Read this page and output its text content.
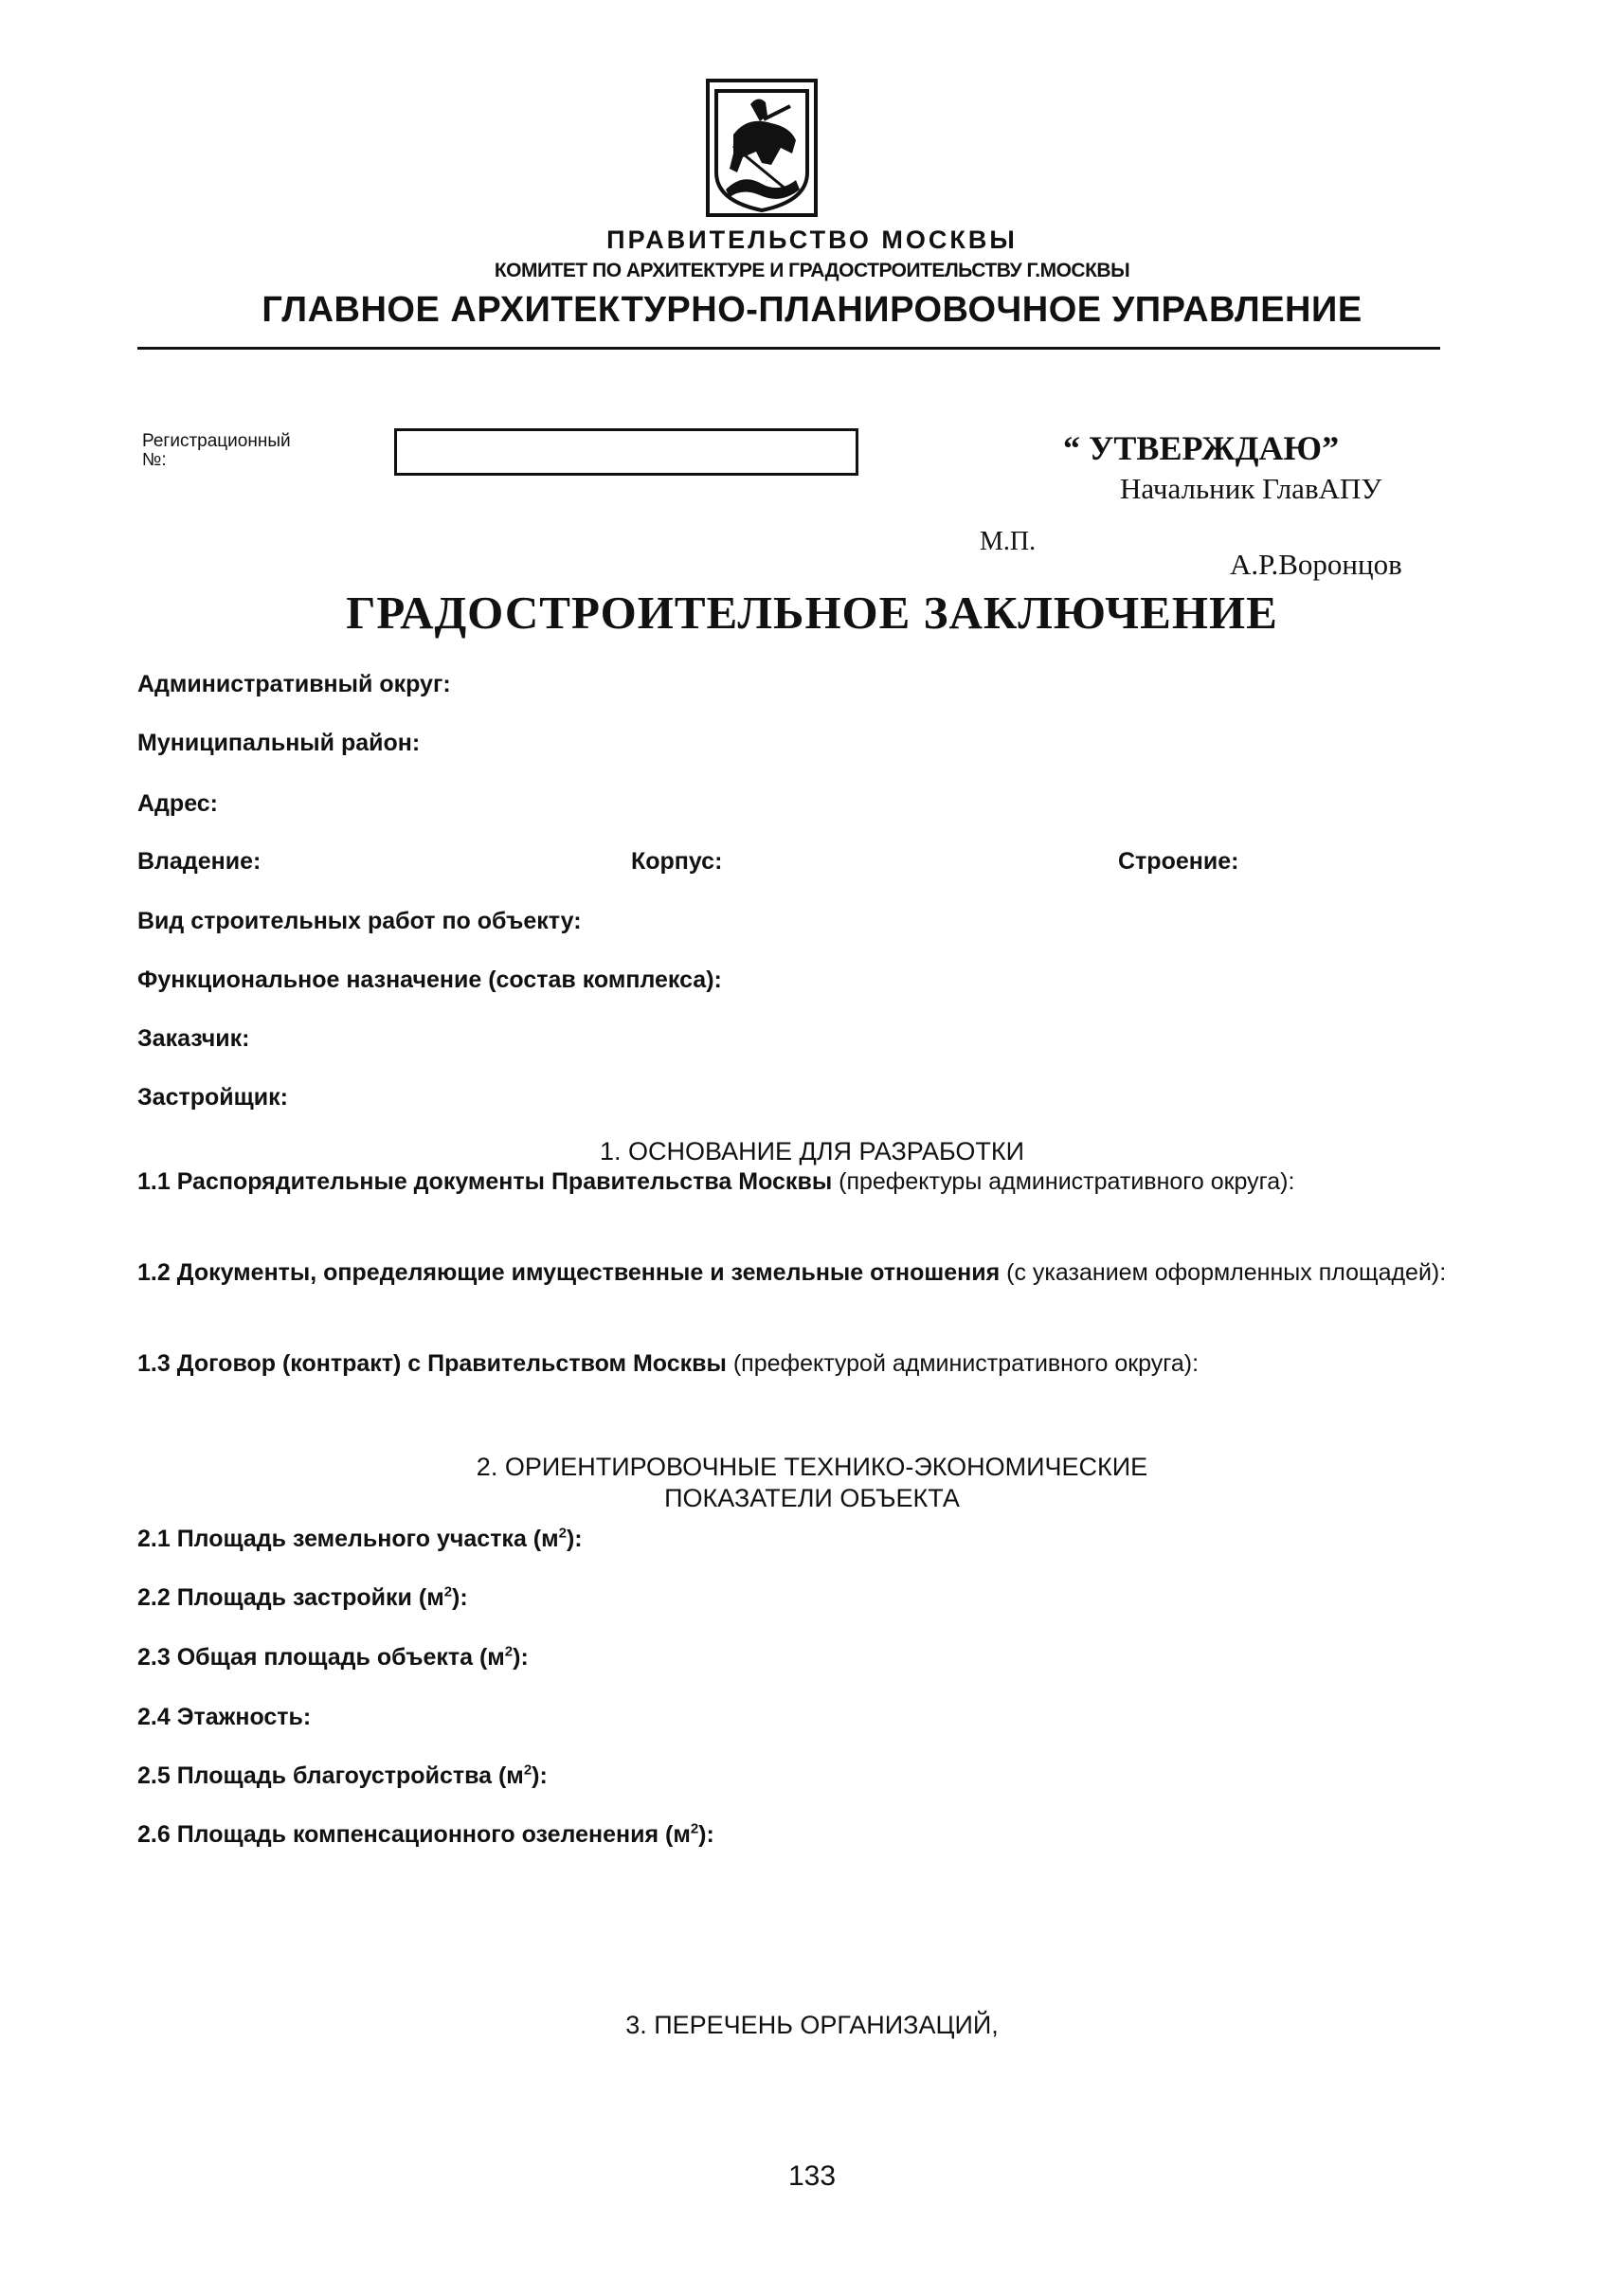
ПРАВИТЕЛЬСТВО МОСКВЫ
КОМИТЕТ ПО АРХИТЕКТУРЕ И ГРАДОСТРОИТЕЛЬСТВУ Г.МОСКВЫ
ГЛАВНОЕ АРХИТЕКТУРНО-ПЛАНИРОВОЧНОЕ УПРАВЛЕНИЕ
Регистрационный
№:	“ УТВЕРЖДАЮ”
Начальник ГлавАПУ
М.П.
А.Р.Воронцов
ГРАДОСТРОИТЕЛЬНОЕ ЗАКЛЮЧЕНИЕ
Административный округ:
Муниципальный район:
Адрес:
Владение:	Корпус:	Строение:
Вид строительных работ по объекту:
Функциональное назначение (состав комплекса):
Заказчик:
Застройщик:
1. ОСНОВАНИЕ ДЛЯ РАЗРАБОТКИ
1.1 Распорядительные документы Правительства Москвы (префектуры административного округа):
1.2 Документы, определяющие имущественные и земельные отношения (с указанием оформленных площадей):
1.3 Договор (контракт) с Правительством Москвы (префектурой административного округа):
2. ОРИЕНТИРОВОЧНЫЕ ТЕХНИКО-ЭКОНОМИЧЕСКИЕ
ПОКАЗАТЕЛИ ОБЪЕКТА
2.1 Площадь земельного участка $(м^2)$:
2.2 Площадь застройки $(м^2)$:
2.3 Общая площадь объекта $(м^2)$:
2.4 Этажность:
2.5 Площадь благоустройства $(м^2)$:
2.6 Площадь компенсационного озеленения $(м^2)$:
3. ПЕРЕЧЕНЬ ОРГАНИЗАЦИЙ,
133
